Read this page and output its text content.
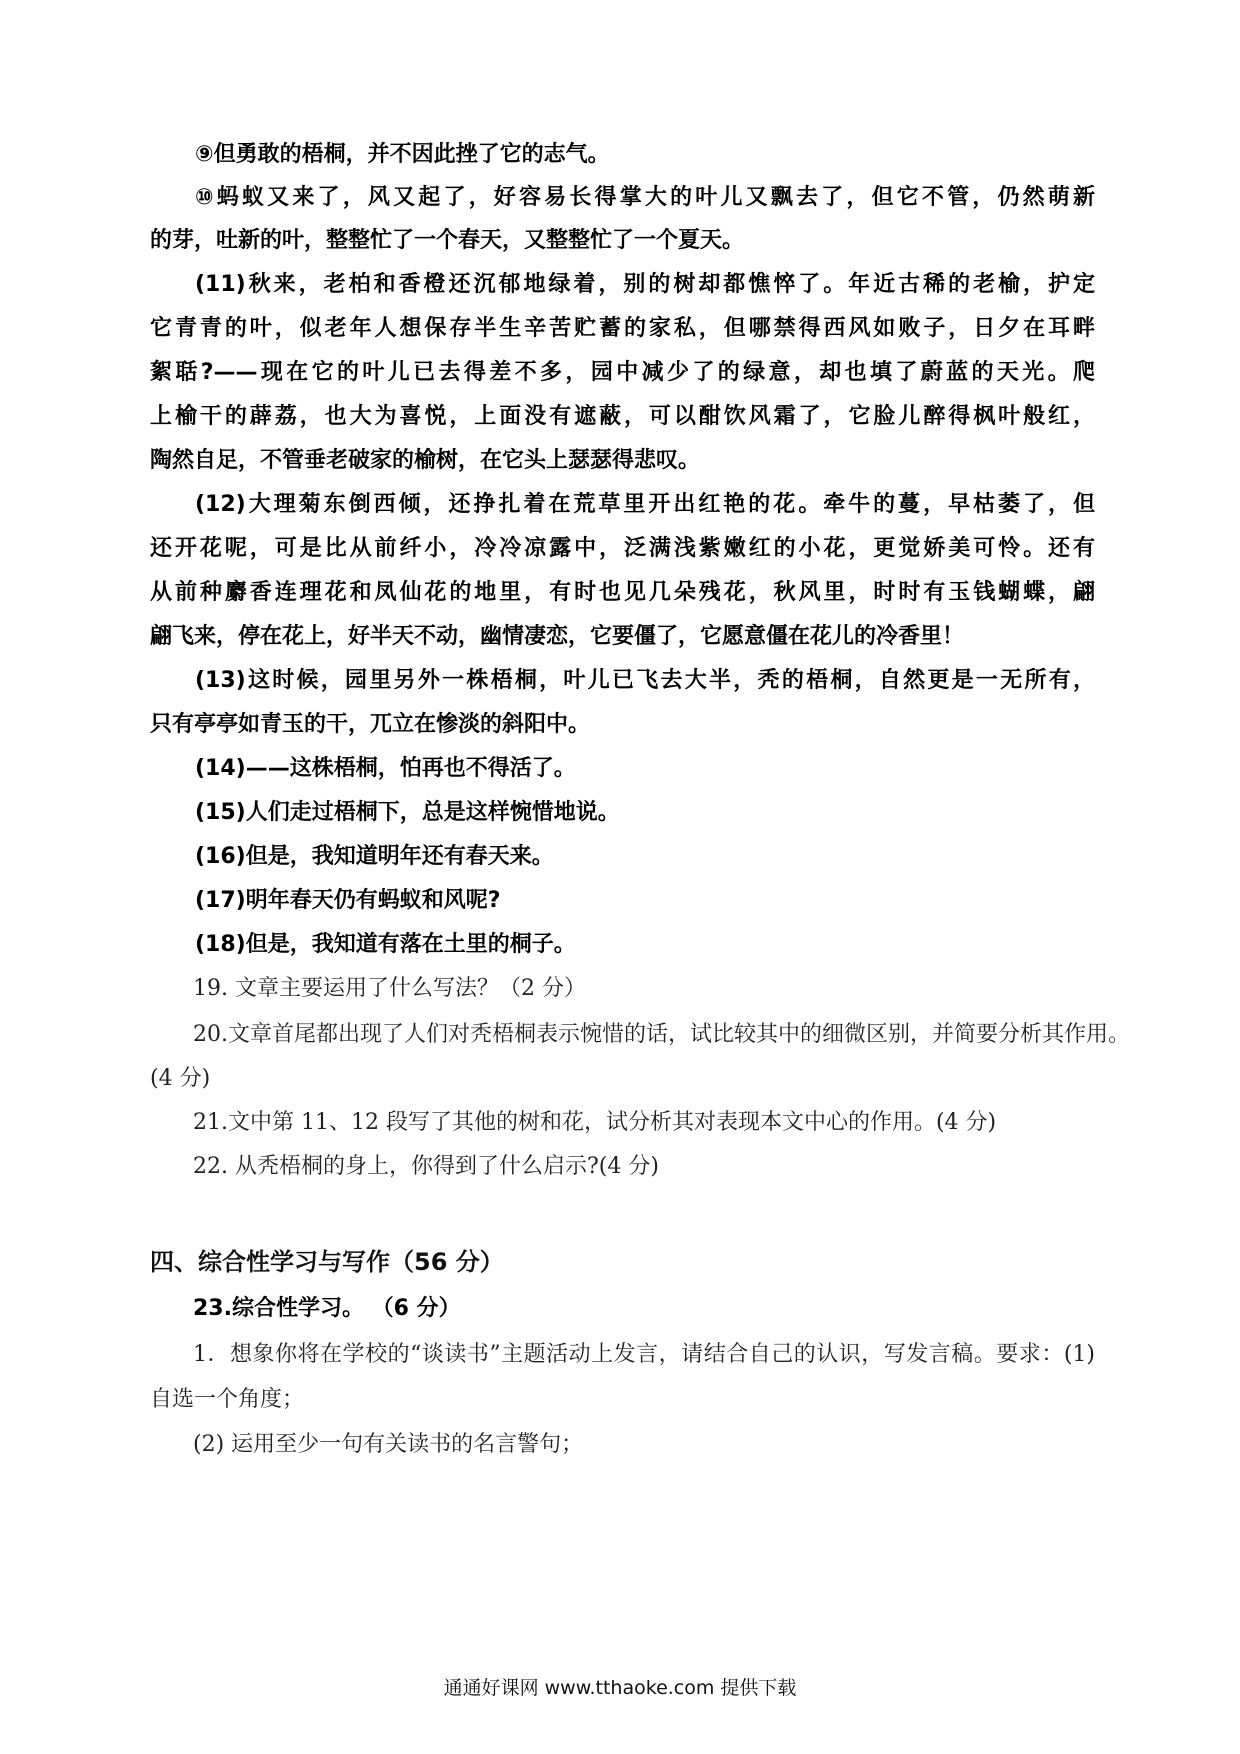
⑨但勇敢的梧桐，并不因此挫了它的志气。
⑩蚂蚁又来了，风又起了，好容易长得掌大的叶儿又飘去了，但它不管，仍然萌新
的芽，吐新的叶，整整忙了一个春天，又整整忙了一个夏天。
(11)秋来，老柏和香橙还沉郁地绿着，别的树却都憔悴了。年近古稀的老榆，护定
它青青的叶，似老年人想保存半生辛苦贮蓄的家私，但哪禁得西风如败子，日夕在耳畔
絮聒?——现在它的叶儿已去得差不多，园中减少了的绿意，却也填了蔚蓝的天光。爬
上榆干的薜荔，也大为喜悦，上面没有遮蔽，可以酣饮风霜了，它脸儿醉得枫叶般红，
陶然自足，不管垂老破家的榆树，在它头上瑟瑟得悲叹。
(12)大理菊东倒西倾，还挣扎着在荒草里开出红艳的花。牵牛的蔓，早枯萎了，但
还开花呢，可是比从前纤小，冷冷凉露中，泛满浅紫嫩红的小花，更觉娇美可怜。还有
从前种麝香连理花和凤仙花的地里，有时也见几朵残花，秋风里，时时有玉钱蝴蝶，翩
翩飞来，停在花上，好半天不动，幽情凄恋，它要僵了，它愿意僵在花儿的冷香里！
(13)这时候，园里另外一株梧桐，叶儿已飞去大半，秃的梧桐，自然更是一无所有，
只有亭亭如青玉的干，兀立在惨淡的斜阳中。
(14)——这株梧桐，怕再也不得活了。
(15)人们走过梧桐下，总是这样惋惜地说。
(16)但是，我知道明年还有春天来。
(17)明年春天仍有蚂蚁和风呢?
(18)但是，我知道有落在土里的桐子。
19. 文章主要运用了什么写法？（2 分）
20.文章首尾都出现了人们对秃梧桐表示惋惜的话，试比较其中的细微区别，并简要分析其作用。
(4 分)
21.文中第 11、12 段写了其他的树和花，试分析其对表现本文中心的作用。(4 分)
22. 从秃梧桐的身上，你得到了什么启示?(4 分)
四、综合性学习与写作（56 分）
23.综合性学习。 （6 分）
1．想象你将在学校的“谈读书”主题活动上发言，请结合自己的认识，写发言稿。要求：(1)
自选一个角度；
(2) 运用至少一句有关读书的名言警句；
通通好课网 www.tthaoke.com 提供下载
